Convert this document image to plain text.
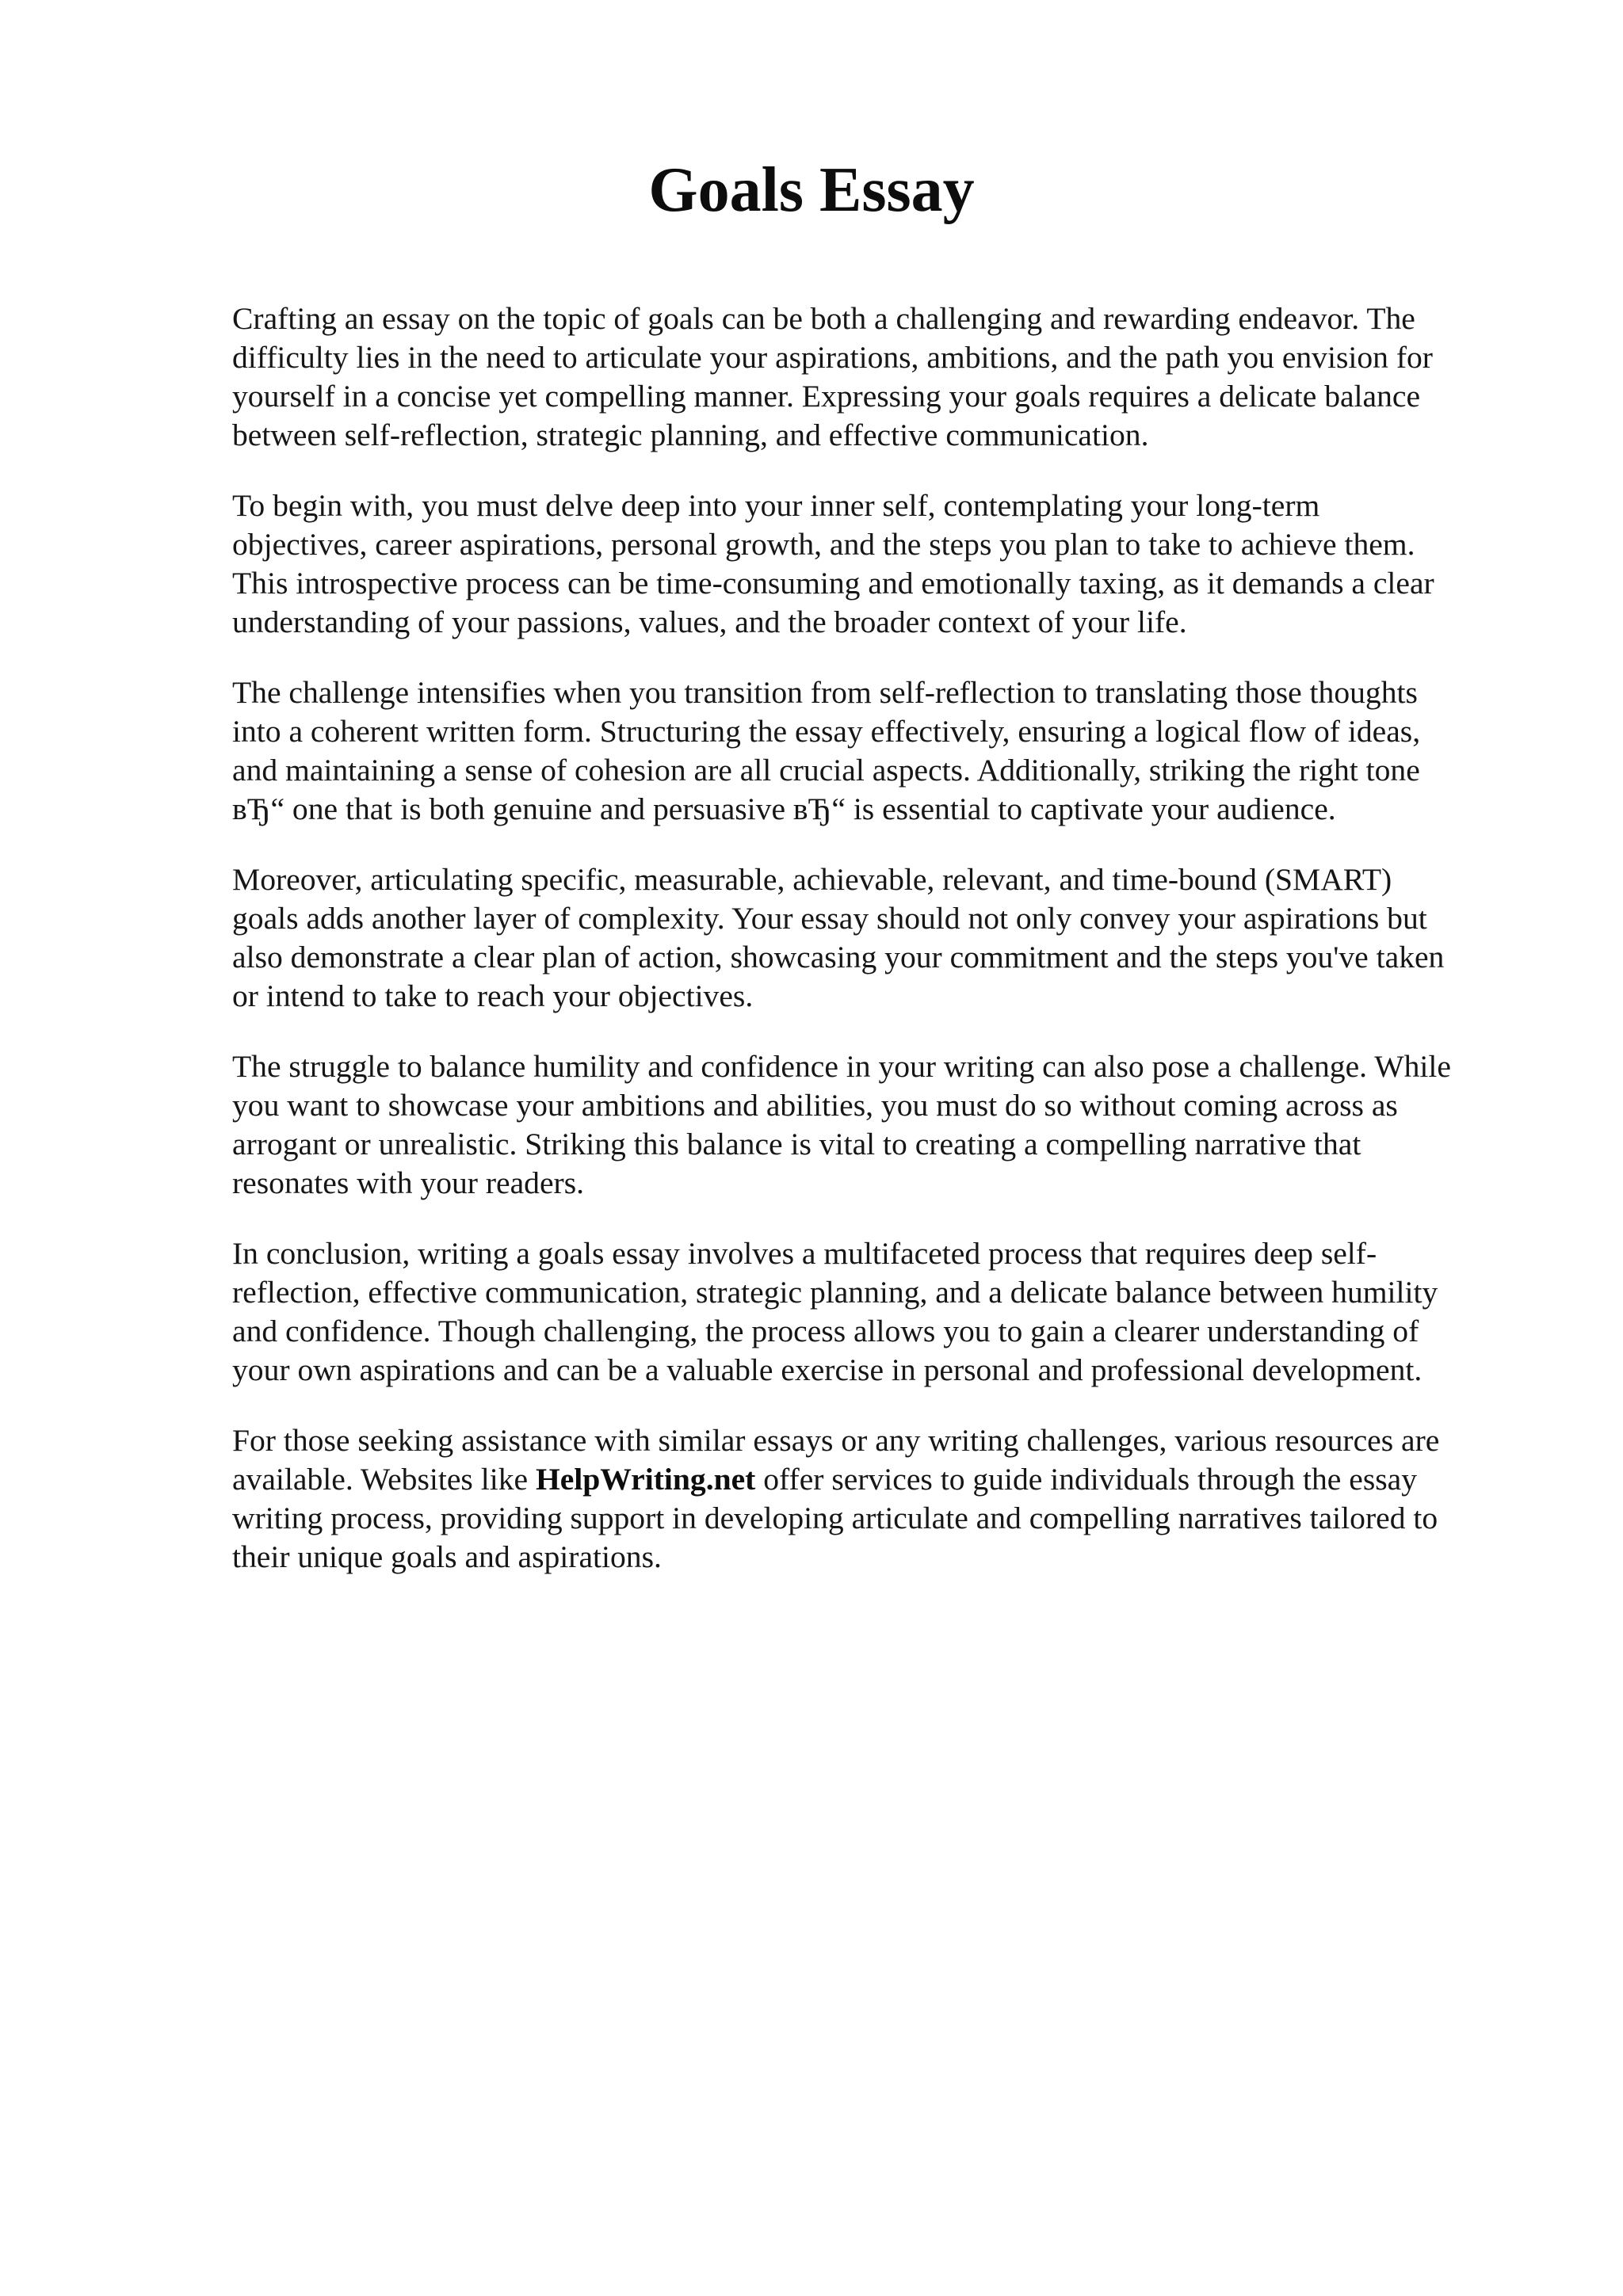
Goals Essay

Crafting an essay on the topic of goals can be both a challenging and rewarding endeavor. The
difficulty lies in the need to articulate your aspirations, ambitions, and the path you envision for
yourself in a concise yet compelling manner. Expressing your goals requires a delicate balance
between self-reflection, strategic planning, and effective communication.

To begin with, you must delve deep into your inner self, contemplating your long-term
objectives, career aspirations, personal growth, and the steps you plan to take to achieve them.
This introspective process can be time-consuming and emotionally taxing, as it demands a clear
understanding of your passions, values, and the broader context of your life.

The challenge intensifies when you transition from self-reflection to translating those thoughts
into a coherent written form. Structuring the essay effectively, ensuring a logical flow of ideas,
and maintaining a sense of cohesion are all crucial aspects. Additionally, striking the right tone
вЂ“ one that is both genuine and persuasive вЂ“ is essential to captivate your audience.

Moreover, articulating specific, measurable, achievable, relevant, and time-bound (SMART)
goals adds another layer of complexity. Your essay should not only convey your aspirations but
also demonstrate a clear plan of action, showcasing your commitment and the steps you've taken
or intend to take to reach your objectives.

The struggle to balance humility and confidence in your writing can also pose a challenge. While
you want to showcase your ambitions and abilities, you must do so without coming across as
arrogant or unrealistic. Striking this balance is vital to creating a compelling narrative that
resonates with your readers.

In conclusion, writing a goals essay involves a multifaceted process that requires deep self-
reflection, effective communication, strategic planning, and a delicate balance between humility
and confidence. Though challenging, the process allows you to gain a clearer understanding of
your own aspirations and can be a valuable exercise in personal and professional development.

For those seeking assistance with similar essays or any writing challenges, various resources are
available. Websites like HelpWriting.net offer services to guide individuals through the essay
writing process, providing support in developing articulate and compelling narratives tailored to
their unique goals and aspirations.
